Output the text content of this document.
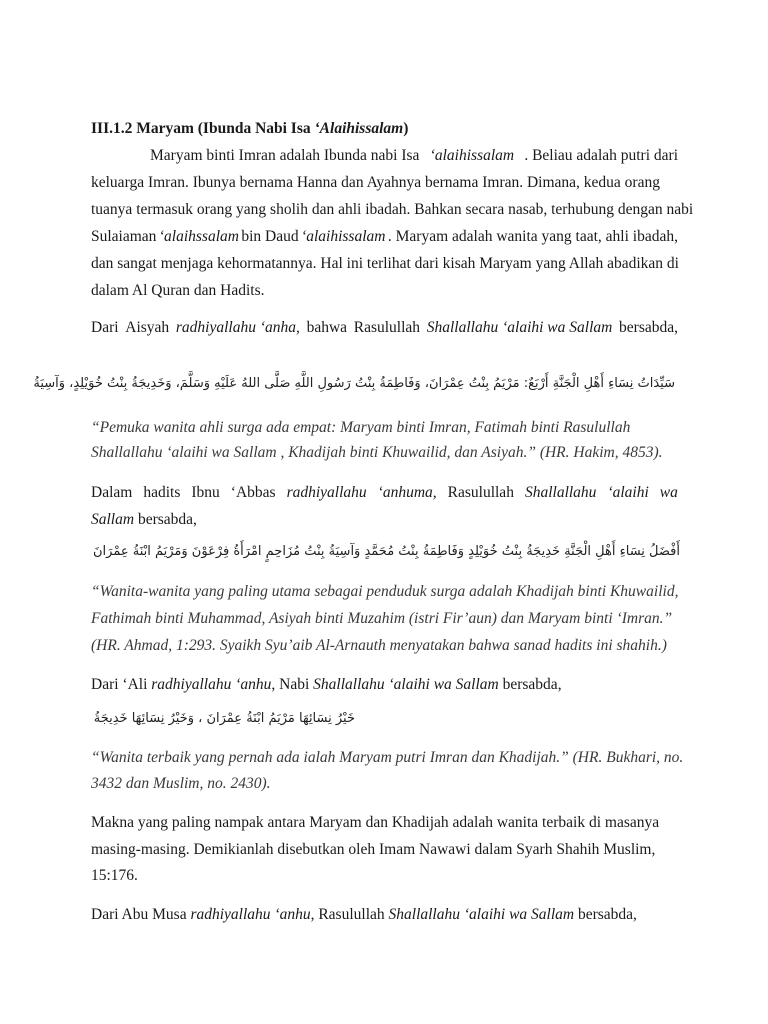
III.1.2 Maryam (Ibunda Nabi Isa ‘Alaihissalam)
Maryam binti Imran adalah Ibunda nabi Isa ‘alaihissalam . Beliau adalah putri dari
keluarga Imran. Ibunya bernama Hanna dan Ayahnya bernama Imran. Dimana, kedua orang
tuanya termasuk orang yang sholih dan ahli ibadah. Bahkan secara nasab, terhubung dengan nabi
Sulaiaman ‘alaihssalam bin Daud ‘alaihissalam . Maryam adalah wanita yang taat, ahli ibadah,
dan sangat menjaga kehormatannya. Hal ini terlihat dari kisah Maryam yang Allah abadikan di
dalam Al Quran dan Hadits.
Dari Aisyah radhiyallahu ‘anha, bahwa Rasulullah Shallallahu ‘alaihi wa Sallam bersabda,
سَيِّدَاتُ نِسَاءِ أَهْلِ الْجَنَّةِ أَرْبَعٌ: مَرْيَمُ بِنْتُ عِمْرَانَ، وَفَاطِمَةُ بِنْتُ رَسُولِ اللَّهِ صَلَّى اللهُ عَلَيْهِ وَسَلَّمَ، وَخَدِيجَةُ بِنْتُ خُوَيْلِدٍ، وَآسِيَةُ
“Pemuka wanita ahli surga ada empat: Maryam binti Imran, Fatimah binti Rasulullah
Shallallahu ‘alaihi wa Sallam , Khadijah binti Khuwailid, dan Asiyah.” (HR. Hakim, 4853).
Dalam hadits Ibnu ‘Abbas radhiyallahu ‘anhuma, Rasulullah Shallallahu ‘alaihi wa
Sallam bersabda,
أَفْضَلُ نِسَاءِ أَهْلِ الْجَنَّةِ خَدِيجَةُ بِنْتُ خُوَيْلِدٍ وَفَاطِمَةُ بِنْتُ مُحَمَّدٍ وَآسِيَةُ بِنْتُ مُزَاحِمٍ امْرَأَةُ فِرْعَوْنَ وَمَرْيَمُ ابْنَةُ عِمْرَانَ
“Wanita-wanita yang paling utama sebagai penduduk surga adalah Khadijah binti Khuwailid,
Fathimah binti Muhammad, Asiyah binti Muzahim (istri Fir’aun) dan Maryam binti ‘Imran.”
(HR. Ahmad, 1:293. Syaikh Syu’aib Al-Arnauth menyatakan bahwa sanad hadits ini shahih.)
Dari ‘Ali radhiyallahu ‘anhu, Nabi Shallallahu ‘alaihi wa Sallam bersabda,
خَيْرُ نِسَائِهَا مَرْيَمُ ابْنَةُ عِمْرَانَ ، وَخَيْرُ نِسَائِهَا خَدِيجَةُ
“Wanita terbaik yang pernah ada ialah Maryam putri Imran dan Khadijah.” (HR. Bukhari, no.
3432 dan Muslim, no. 2430).
Makna yang paling nampak antara Maryam dan Khadijah adalah wanita terbaik di masanya
masing-masing. Demikianlah disebutkan oleh Imam Nawawi dalam Syarh Shahih Muslim,
15:176.
Dari Abu Musa radhiyallahu ‘anhu, Rasulullah Shallallahu ‘alaihi wa Sallam bersabda,
